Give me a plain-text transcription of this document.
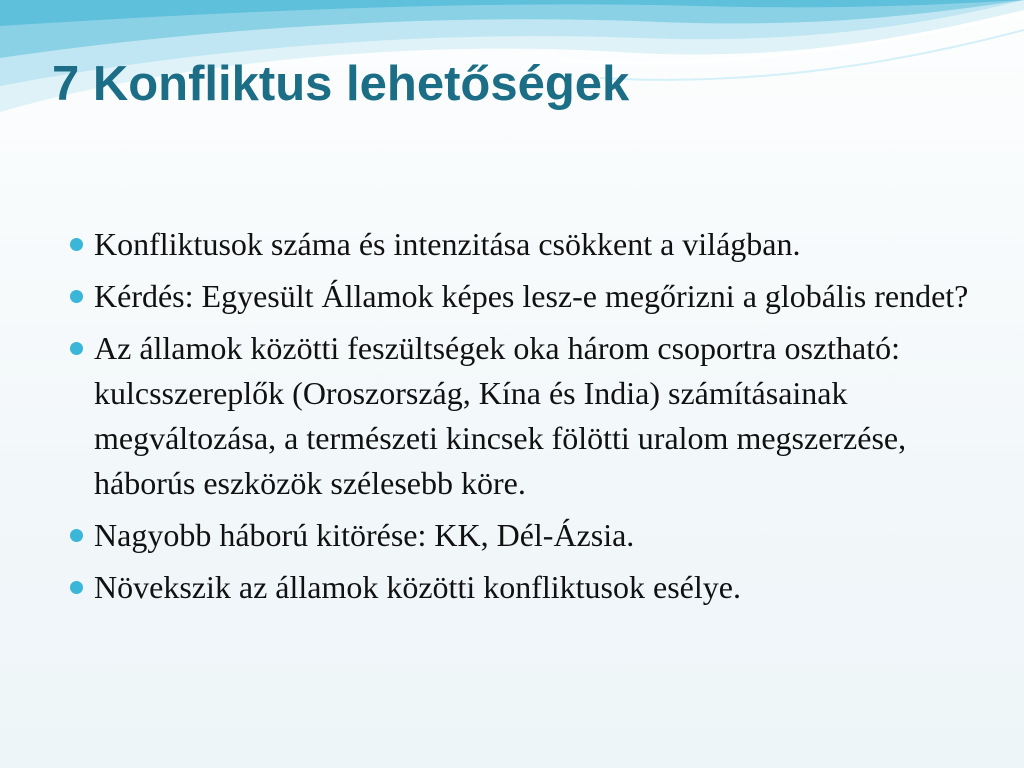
7 Konfliktus lehetőségek
Konfliktusok száma és intenzitása csökkent a világban.
Kérdés: Egyesült Államok képes lesz-e megőrizni a globális rendet?
Az államok közötti feszültségek oka három csoportra osztható: kulcsszereplők (Oroszország, Kína és India) számításainak megváltozása, a természeti kincsek fölötti uralom megszerzése, háborús eszközök szélesebb köre.
Nagyobb háború kitörése: KK, Dél-Ázsia.
Növekszik az államok közötti konfliktusok esélye.
